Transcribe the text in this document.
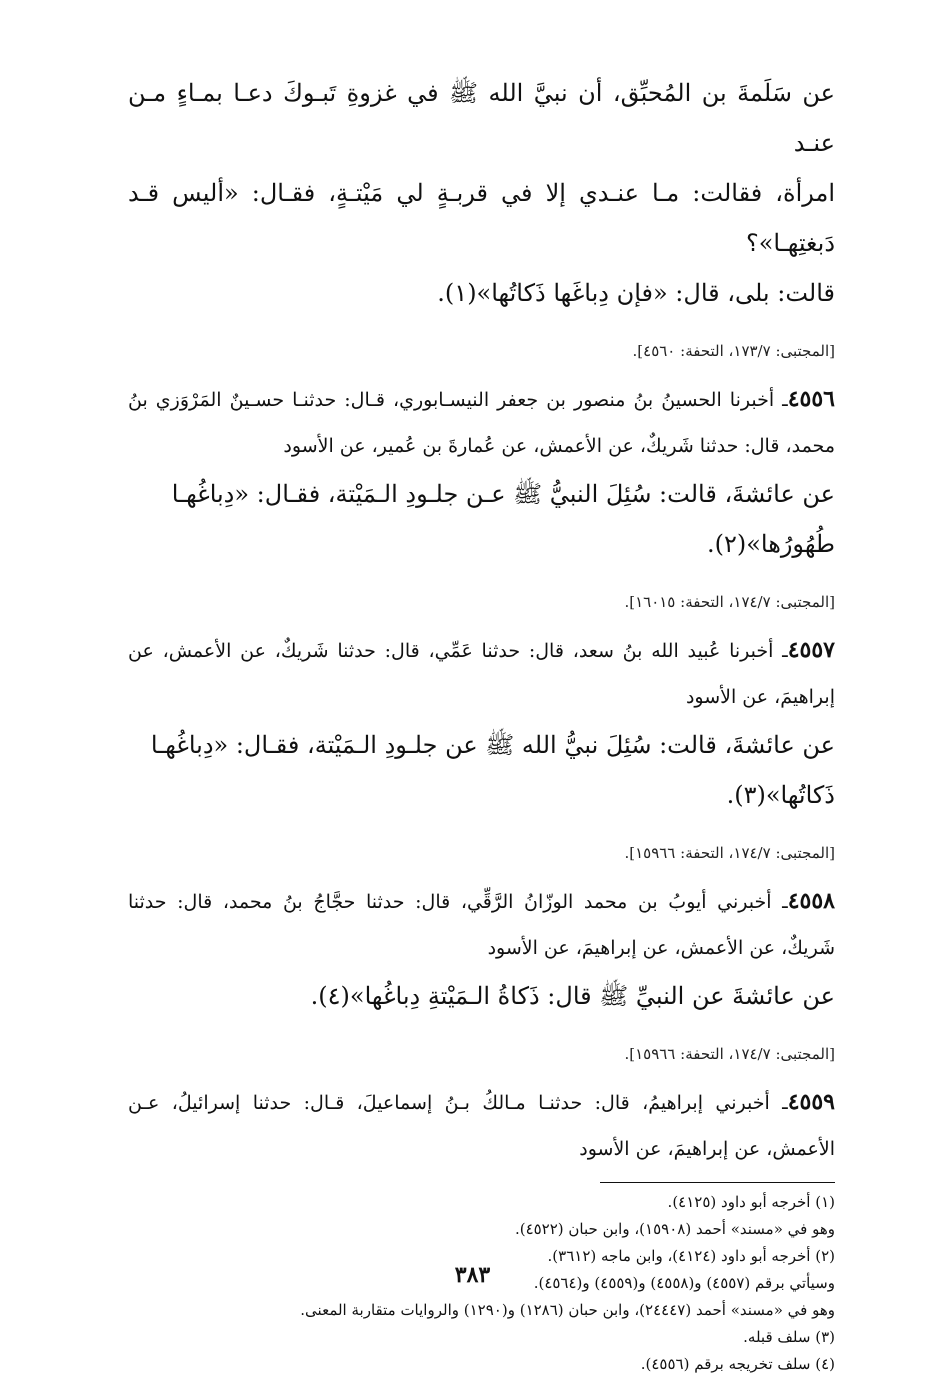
عن سَلَمةَ بن المُحبِّق، أن نبيَّ الله ﷺ في غزوةِ تَبـوكَ دعـا بمـاءٍ مـن عنـد

امرأة، فقالت: مـا عنـدي إلا في قربـةٍ لي مَيْتـةٍ، فقـال: «أليس قـد دَبغتِهـا»؟

قالت: بلى، قال: «فإن دِباغَها ذَكاتُها»(١).

[المجتبى: ١٧٣/٧، التحفة: ٤٥٦٠].

٤٥٥٦ـ أخبرنا الحسينُ بنُ منصور بن جعفر النيسـابوري، قـال: حدثنـا حسـينٌ المَرْوَزي بنُ محمد، قال: حدثنا شَريكٌ، عن الأعمش، عن عُمارةَ بن عُمير، عن الأسود

عن عائشةَ، قالت: سُئِلَ النبيُّ ﷺ عـن جلـودِ الـمَيْتة، فقـال: «دِباغُهـا

طُهُورُها»(٢).

[المجتبى: ١٧٤/٧، التحفة: ١٦٠١٥].

٤٥٥٧ـ أخبرنا عُبيد الله بنُ سعد، قال: حدثنا عَمِّي، قال: حدثنا شَريكٌ، عن الأعمش، عن إبراهيمَ، عن الأسود

عن عائشةَ، قالت: سُئِلَ نبيُّ الله ﷺ عن جلـودِ الـمَيْتة، فقـال: «دِباغُهـا

ذَكاتُها»(٣).

[المجتبى: ١٧٤/٧، التحفة: ١٥٩٦٦].

٤٥٥٨ـ أخبرني أيوبُ بن محمد الوزّانُ الرَّقِّي، قال: حدثنا حجَّاجُ بنُ محمد، قال: حدثنا شَريكٌ، عن الأعمش، عن إبراهيمَ، عن الأسود

عن عائشةَ عن النبيِّ ﷺ قال: ذَكاةُ الـمَيْتةِ دِباغُها»(٤).

[المجتبى: ١٧٤/٧، التحفة: ١٥٩٦٦].

٤٥٥٩ـ أخبرني إبراهيمُ، قال: حدثنـا مـالكُ بـنُ إسماعيلَ، قـال: حدثنا إسرائيلُ، عـن الأعمش، عن إبراهيمَ، عن الأسود

(١) أخرجه أبو داود (٤١٢٥).
وهو في «مسند» أحمد (١٥٩٠٨)، وابن حبان (٤٥٢٢).
(٢) أخرجه أبو داود (٤١٢٤)، وابن ماجه (٣٦١٢).
وسيأتي برقم (٤٥٥٧) و(٤٥٥٨) و(٤٥٥٩) و(٤٥٦٤).
وهو في «مسند» أحمد (٢٤٤٤٧)، وابن حبان (١٢٨٦) و(١٢٩٠) والروايات متقاربة المعنى.
(٣) سلف قبله.
(٤) سلف تخريجه برقم (٤٥٥٦).
٣٨٣
